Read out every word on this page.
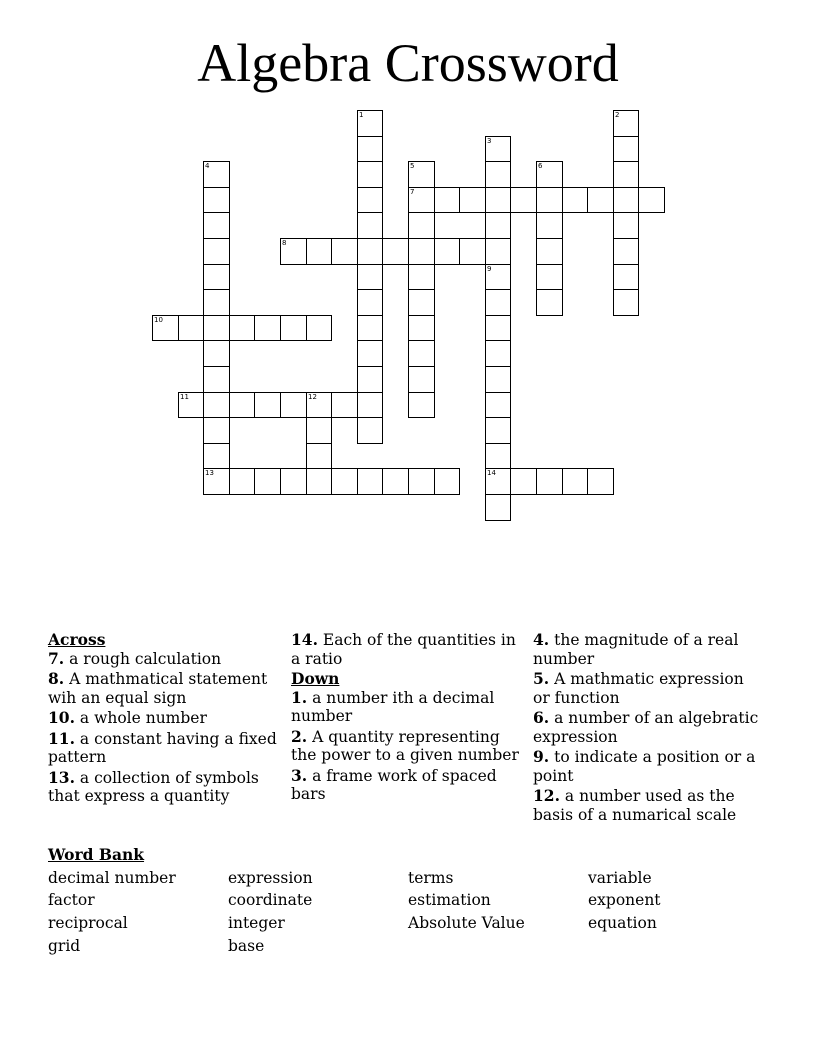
Algebra Crossword
1	2
3
4
13
5
7
6
8
9
14
10
11	12
Across
7. a rough calculation
8. A mathmatical statement wih an equal sign
10. a whole number
11. a constant having a fixed pattern
13. a collection of symbols that express a quantity
14. Each of the quantities in a ratio
Down
1. a number ith a decimal number
2. A quantity representing the power to a given number
3. a frame work of spaced bars
4. the magnitude of a real number
5. A mathmatic expression or function
6. a number of an algebratic expression
9. to indicate a position or a point
12. a number used as the basis of a numarical scale
Word Bank
decimal number	expression	terms	variable
factor	coordinate	estimation	exponent
reciprocal	integer	Absolute Value	equation
grid	base
